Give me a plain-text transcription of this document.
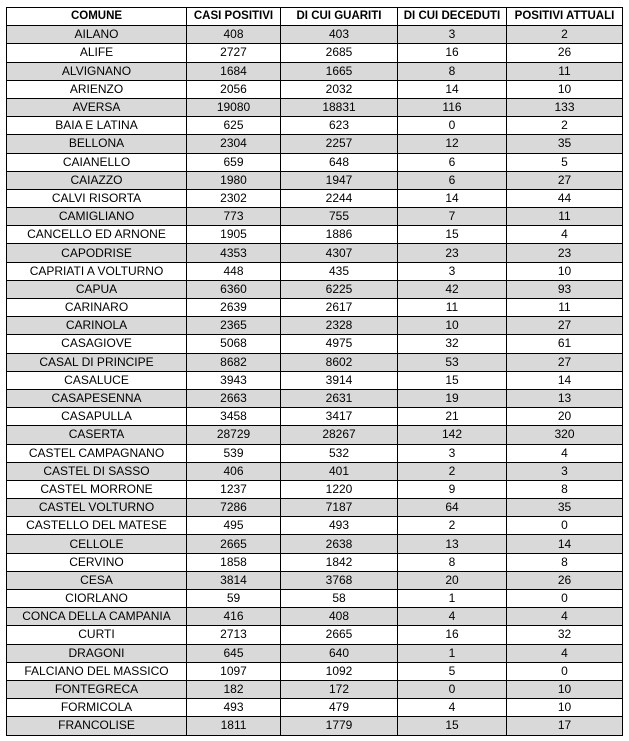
COMUNE	CASI POSITIVI	DI CUI GUARITI	DI CUI DECEDUTI	POSITIVI ATTUALI
AILANO	408	403	3	2
ALIFE	2727	2685	16	26
ALVIGNANO	1684	1665	8	11
ARIENZO	2056	2032	14	10
AVERSA	19080	18831	116	133
BAIA E LATINA	625	623	0	2
BELLONA	2304	2257	12	35
CAIANELLO	659	648	6	5
CAIAZZO	1980	1947	6	27
CALVI RISORTA	2302	2244	14	44
CAMIGLIANO	773	755	7	11
CANCELLO ED ARNONE	1905	1886	15	4
CAPODRISE	4353	4307	23	23
CAPRIATI A VOLTURNO	448	435	3	10
CAPUA	6360	6225	42	93
CARINARO	2639	2617	11	11
CARINOLA	2365	2328	10	27
CASAGIOVE	5068	4975	32	61
CASAL DI PRINCIPE	8682	8602	53	27
CASALUCE	3943	3914	15	14
CASAPESENNA	2663	2631	19	13
CASAPULLA	3458	3417	21	20
CASERTA	28729	28267	142	320
CASTEL CAMPAGNANO	539	532	3	4
CASTEL DI SASSO	406	401	2	3
CASTEL MORRONE	1237	1220	9	8
CASTEL VOLTURNO	7286	7187	64	35
CASTELLO DEL MATESE	495	493	2	0
CELLOLE	2665	2638	13	14
CERVINO	1858	1842	8	8
CESA	3814	3768	20	26
CIORLANO	59	58	1	0
CONCA DELLA CAMPANIA	416	408	4	4
CURTI	2713	2665	16	32
DRAGONI	645	640	1	4
FALCIANO DEL MASSICO	1097	1092	5	0
FONTEGRECA	182	172	0	10
FORMICOLA	493	479	4	10
FRANCOLISE	1811	1779	15	17
